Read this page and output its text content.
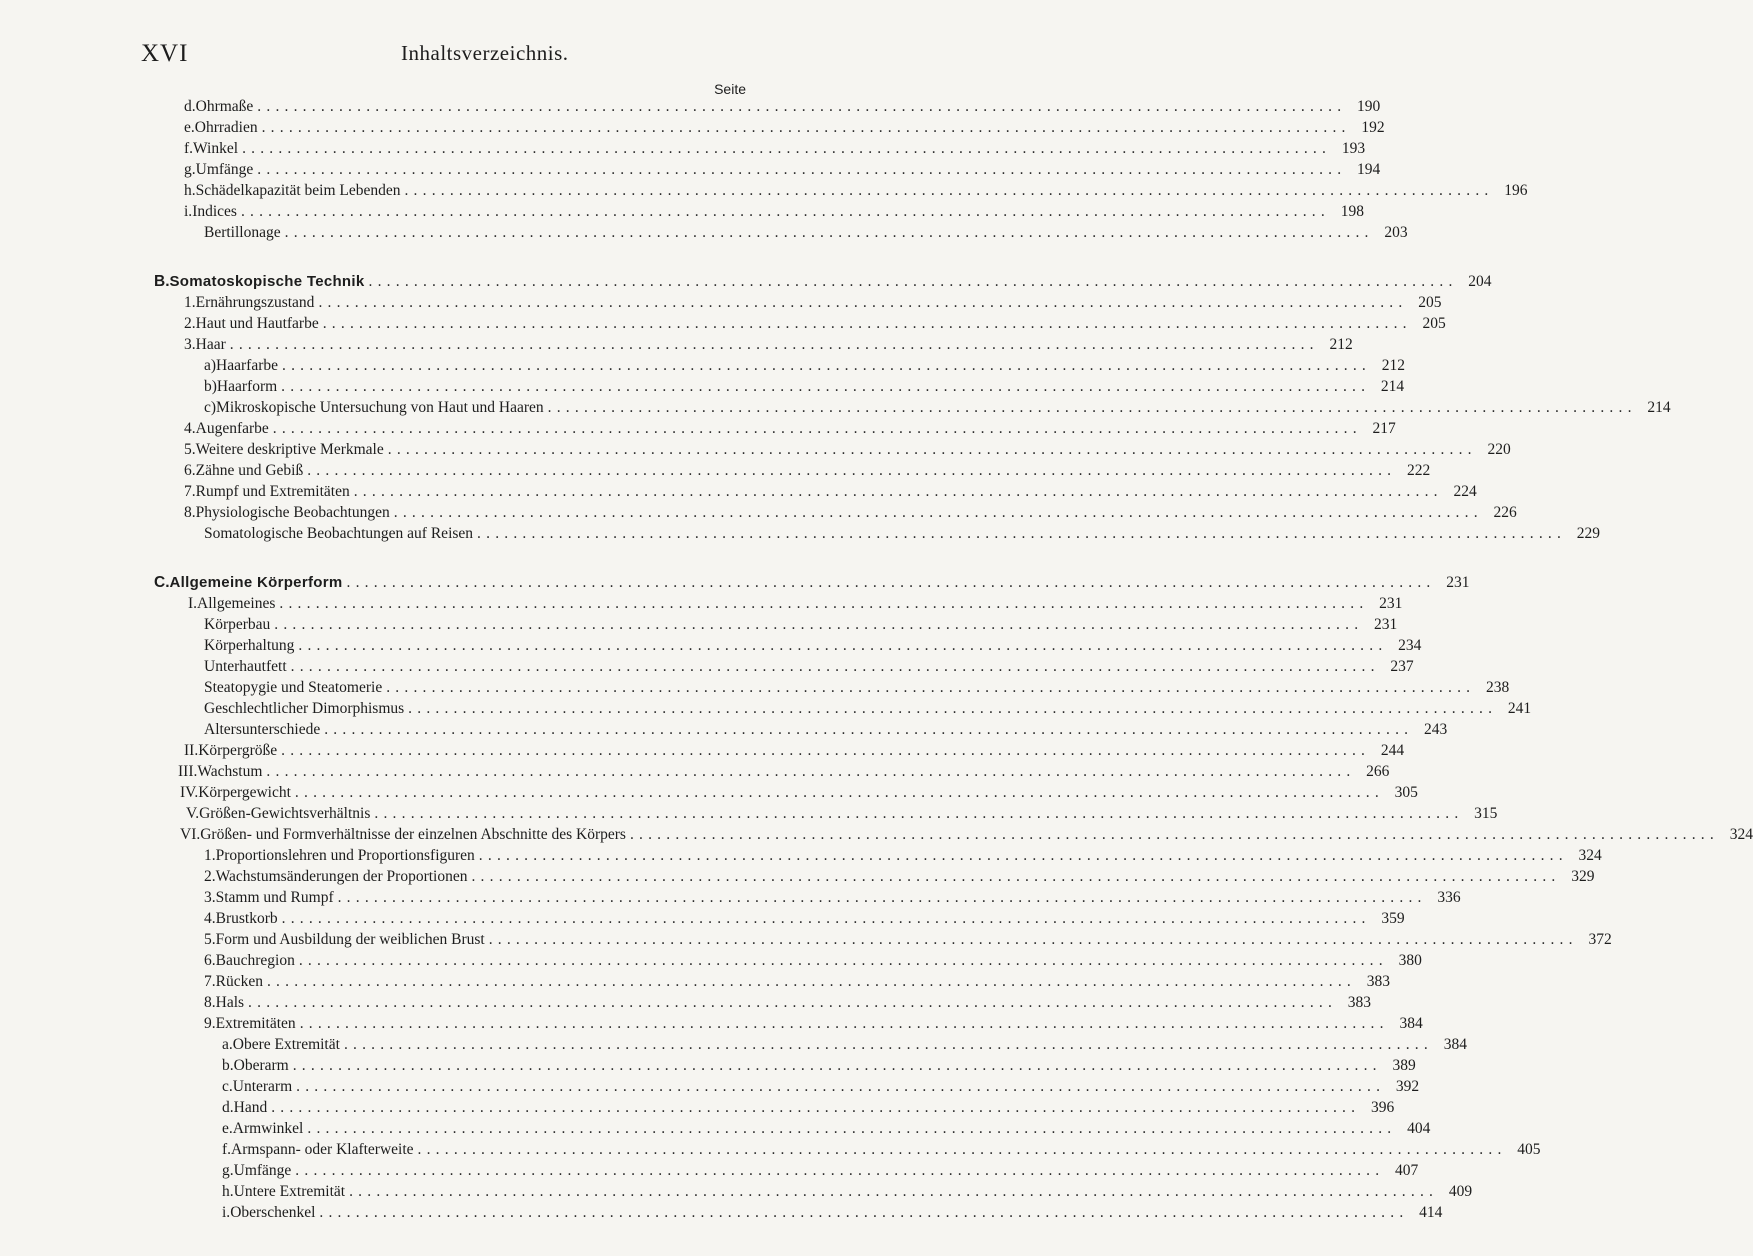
XVI	Inhaltsverzeichnis.
Seite
d. Ohrmaße ........................................................................................................................ 190
e. Ohrradien ........................................................................................................................ 192
f. Winkel ........................................................................................................................ 193
g. Umfänge ........................................................................................................................ 194
h. Schädelkapazität beim Lebenden ........................................................................................................................ 196
i. Indices ........................................................................................................................ 198
Bertillonage ........................................................................................................................ 203
B. Somatoskopische Technik ........................................................................................................................ 204
1. Ernährungszustand ........................................................................................................................ 205
2. Haut und Hautfarbe ........................................................................................................................ 205
3. Haar ........................................................................................................................ 212
a) Haarfarbe ........................................................................................................................ 212
b) Haarform ........................................................................................................................ 214
c) Mikroskopische Untersuchung von Haut und Haaren ........................................................................................................................ 214
4. Augenfarbe ........................................................................................................................ 217
5. Weitere deskriptive Merkmale ........................................................................................................................ 220
6. Zähne und Gebiß ........................................................................................................................ 222
7. Rumpf und Extremitäten ........................................................................................................................ 224
8. Physiologische Beobachtungen ........................................................................................................................ 226
Somatologische Beobachtungen auf Reisen ........................................................................................................................ 229
C. Allgemeine Körperform ........................................................................................................................ 231
I. Allgemeines ........................................................................................................................ 231
Körperbau ........................................................................................................................ 231
Körperhaltung ........................................................................................................................ 234
Unterhautfett ........................................................................................................................ 237
Steatopygie und Steatomerie ........................................................................................................................ 238
Geschlechtlicher Dimorphismus ........................................................................................................................ 241
Altersunterschiede ........................................................................................................................ 243
II. Körpergröße ........................................................................................................................ 244
III. Wachstum ........................................................................................................................ 266
IV. Körpergewicht ........................................................................................................................ 305
V. Größen-Gewichtsverhältnis ........................................................................................................................ 315
VI. Größen- und Formverhältnisse der einzelnen Abschnitte des Körpers ........................................................................................................................ 324
1. Proportionslehren und Proportionsfiguren ........................................................................................................................ 324
2. Wachstumsänderungen der Proportionen ........................................................................................................................ 329
3. Stamm und Rumpf ........................................................................................................................ 336
4. Brustkorb ........................................................................................................................ 359
5. Form und Ausbildung der weiblichen Brust ........................................................................................................................ 372
6. Bauchregion ........................................................................................................................ 380
7. Rücken ........................................................................................................................ 383
8. Hals ........................................................................................................................ 383
9. Extremitäten ........................................................................................................................ 384
a. Obere Extremität ........................................................................................................................ 384
b. Oberarm ........................................................................................................................ 389
c. Unterarm ........................................................................................................................ 392
d. Hand ........................................................................................................................ 396
e. Armwinkel ........................................................................................................................ 404
f. Armspann- oder Klafterweite ........................................................................................................................ 405
g. Umfänge ........................................................................................................................ 407
h. Untere Extremität ........................................................................................................................ 409
i. Oberschenkel ........................................................................................................................ 414
